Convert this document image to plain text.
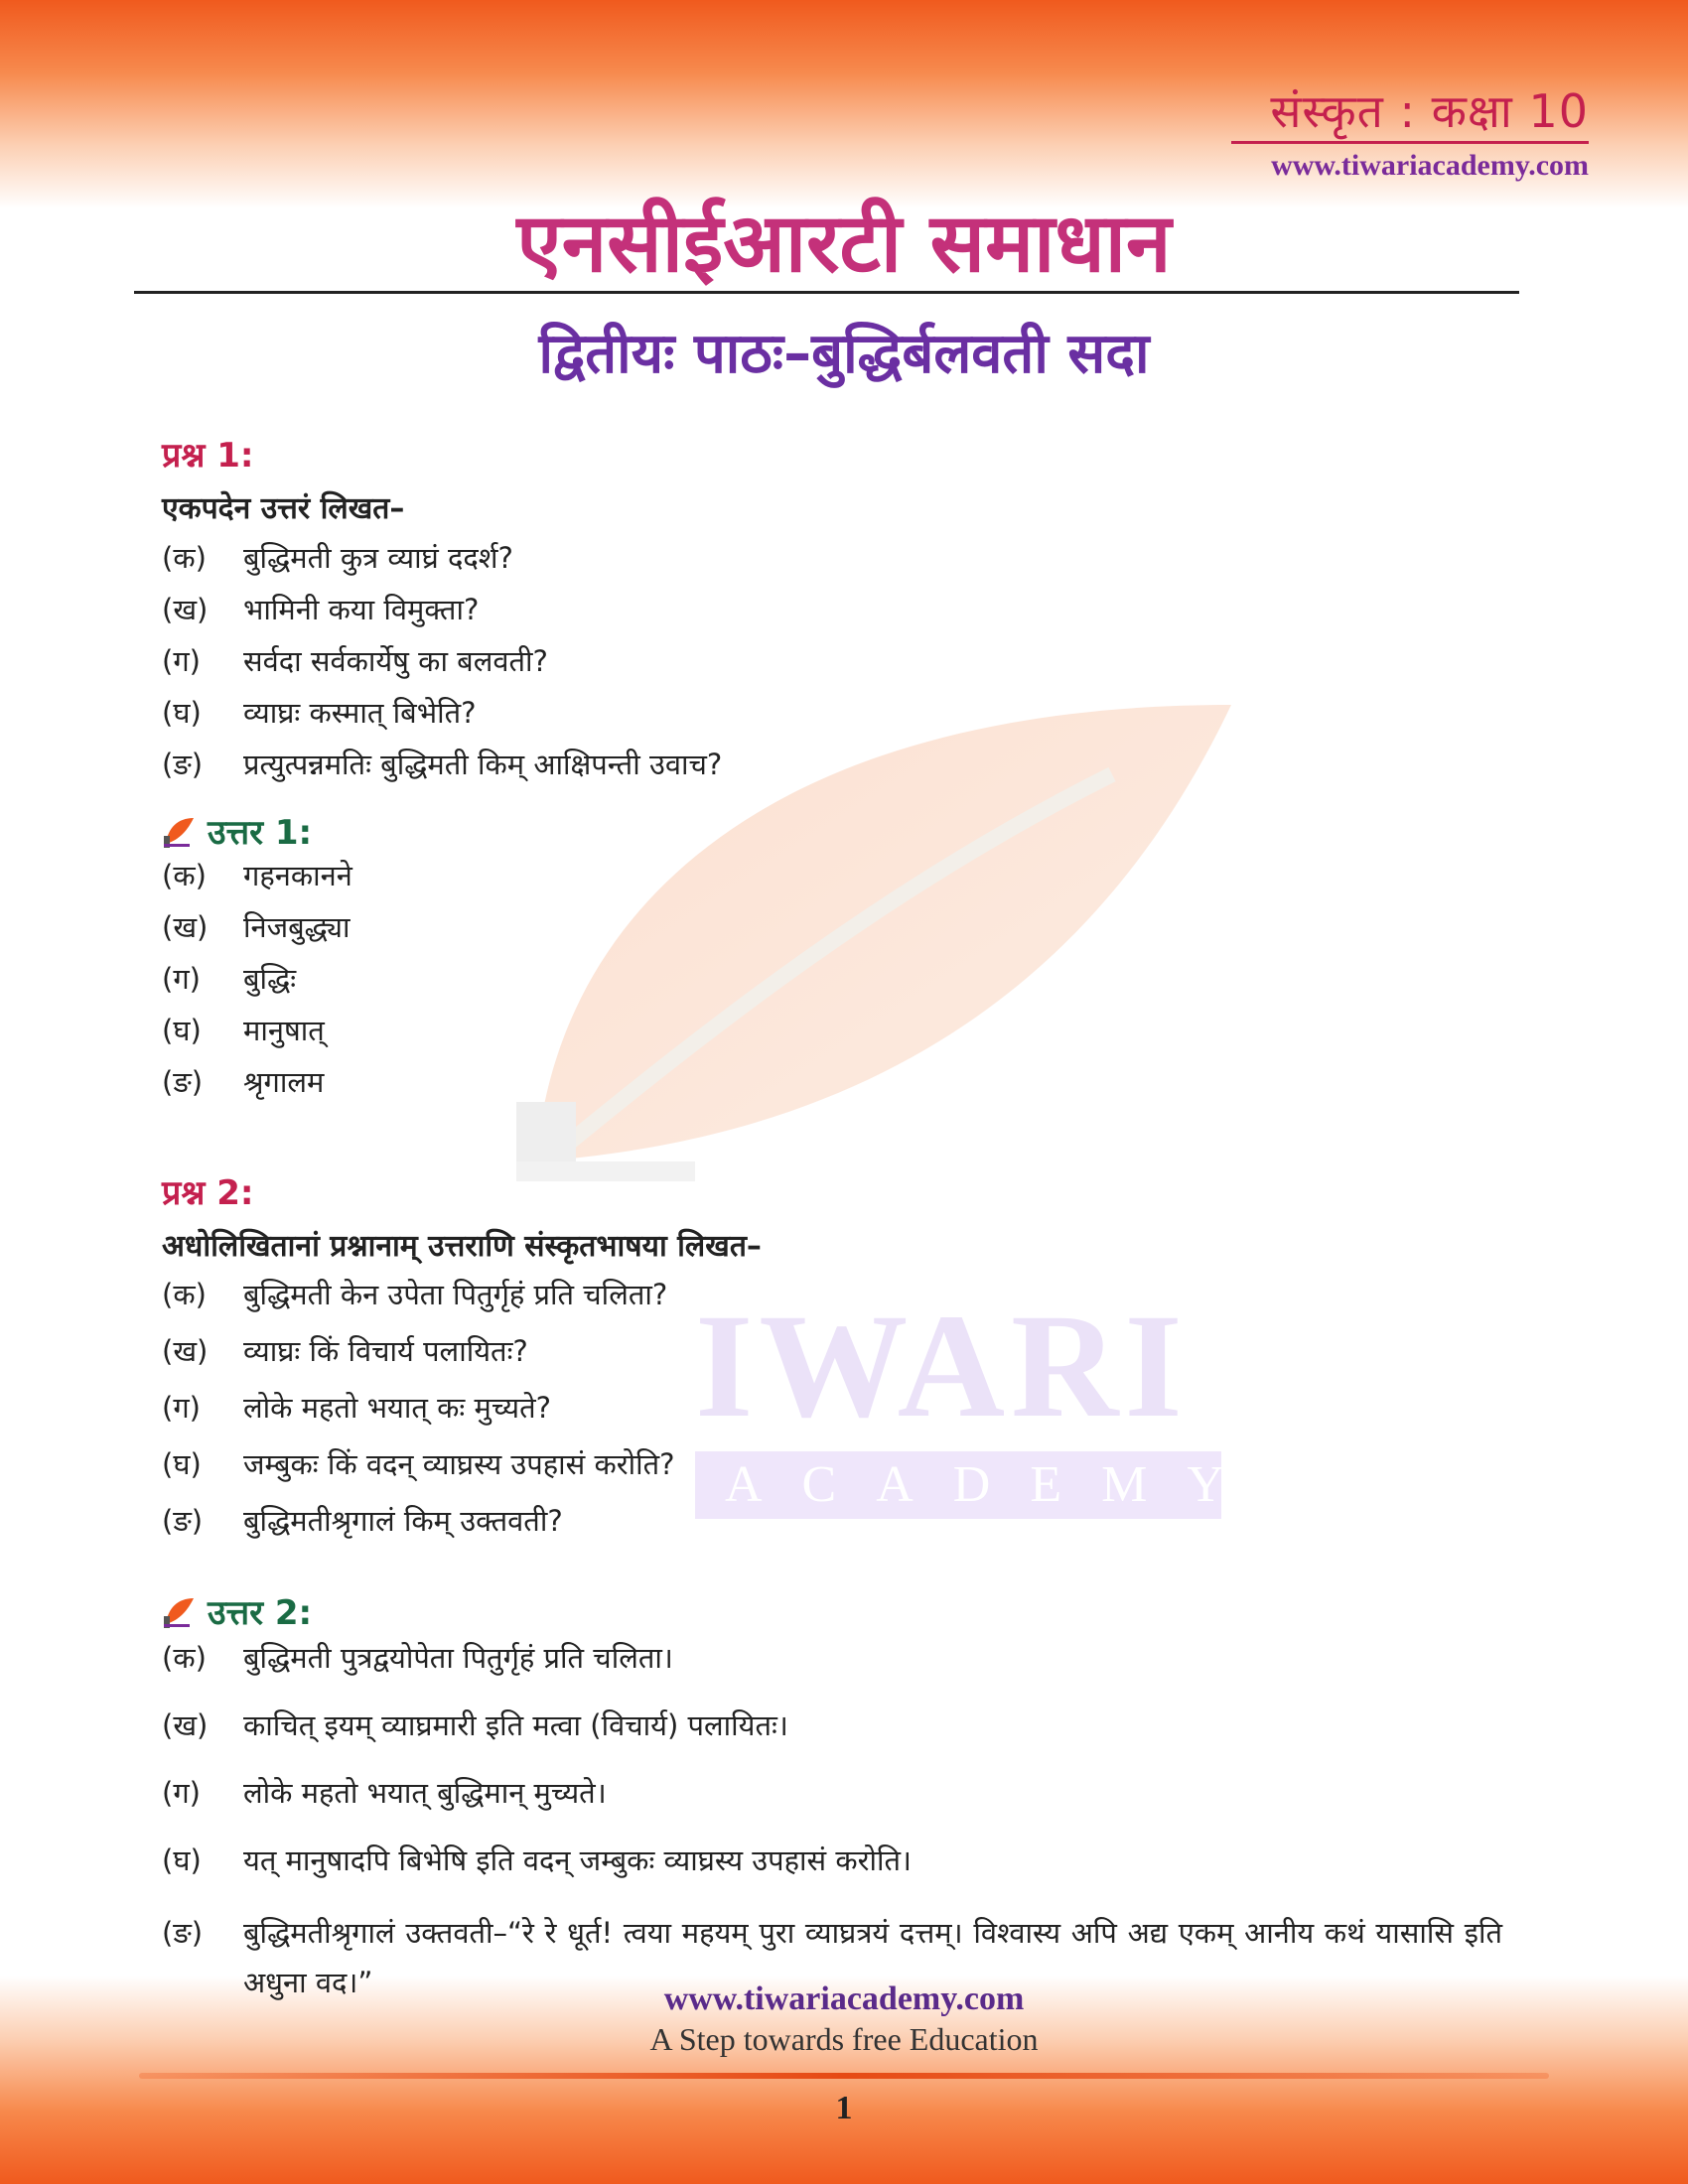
IWARI
ACADEMY
संस्कृत : कक्षा 10
www.tiwariacademy.com
एनसीईआरटी समाधान
द्वितीयः पाठः–बुद्धिर्बलवती सदा
प्रश्न 1:
एकपदेन उत्तरं लिखत–
(क)	बुद्धिमती कुत्र व्याघ्रं ददर्श?
(ख)	भामिनी कया विमुक्ता?
(ग)	सर्वदा सर्वकार्येषु का बलवती?
(घ)	व्याघ्रः कस्मात् बिभेति?
(ङ)	प्रत्युत्पन्नमतिः बुद्धिमती किम् आक्षिपन्ती उवाच?
उत्तर 1:
(क)	गहनकानने
(ख)	निजबुद्ध्या
(ग)	बुद्धिः
(घ)	मानुषात्
(ङ)	श्रृगालम
प्रश्न 2:
अधोलिखितानां प्रश्नानाम् उत्तराणि संस्कृतभाषया लिखत–
(क)	बुद्धिमती केन उपेता पितुर्गृहं प्रति चलिता?
(ख)	व्याघ्रः किं विचार्य पलायितः?
(ग)	लोके महतो भयात् कः मुच्यते?
(घ)	जम्बुकः किं वदन् व्याघ्रस्य उपहासं करोति?
(ङ)	बुद्धिमतीश्रृगालं किम् उक्तवती?
उत्तर 2:
(क)	बुद्धिमती पुत्रद्वयोपेता पितुर्गृहं प्रति चलिता।
(ख)	काचित् इयम् व्याघ्रमारी इति मत्वा (विचार्य) पलायितः।
(ग)	लोके महतो भयात् बुद्धिमान् मुच्यते।
(घ)	यत् मानुषादपि बिभेषि इति वदन् जम्बुकः व्याघ्रस्य उपहासं करोति।
(ङ)	बुद्धिमतीश्रृगालं उक्तवती–“रे रे धूर्त! त्वया महयम् पुरा व्याघ्रत्रयं दत्तम्। विश्वास्य अपि अद्य एकम् आनीय कथं यासासि इति अधुना वद।”	www.tiwariacademy.com
A Step towards free Education
1
